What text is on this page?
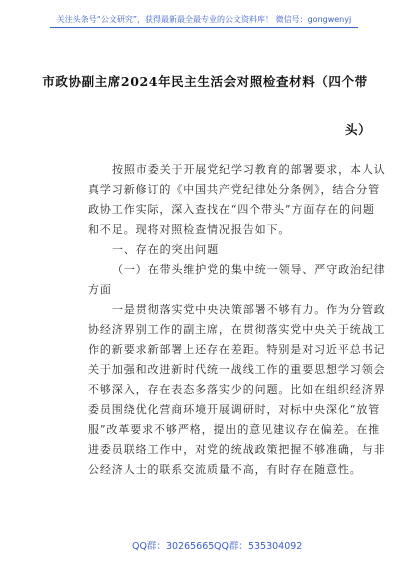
关注头条号“公文研究”，获得最新最全最专业的公文资料库！ 微信号：gongwenyj
市政协副主席2024年民主生活会对照检查材料（四个带
头）
按照市委关于开展党纪学习教育的部署要求，本人认
真学习新修订的《中国共产党纪律处分条例》，结合分管
政协工作实际，深入查找在“四个带头”方面存在的问题
和不足。现将对照检查情况报告如下。
一、存在的突出问题
（一）在带头维护党的集中统一领导、严守政治纪律
方面
一是贯彻落实党中央决策部署不够有力。作为分管政
协经济界别工作的副主席，在贯彻落实党中央关于统战工
作的新要求新部署上还存在差距。特别是对习近平总书记
关于加强和改进新时代统一战线工作的重要思想学习领会
不够深入，存在表态多落实少的问题。比如在组织经济界
委员围绕优化营商环境开展调研时，对标中央深化“放管
服”改革要求不够严格，提出的意见建议存在偏差。在推
进委员联络工作中，对党的统战政策把握不够准确，与非
公经济人士的联系交流质量不高，有时存在随意性。
QQ群：30265665 QQ群：535304092
